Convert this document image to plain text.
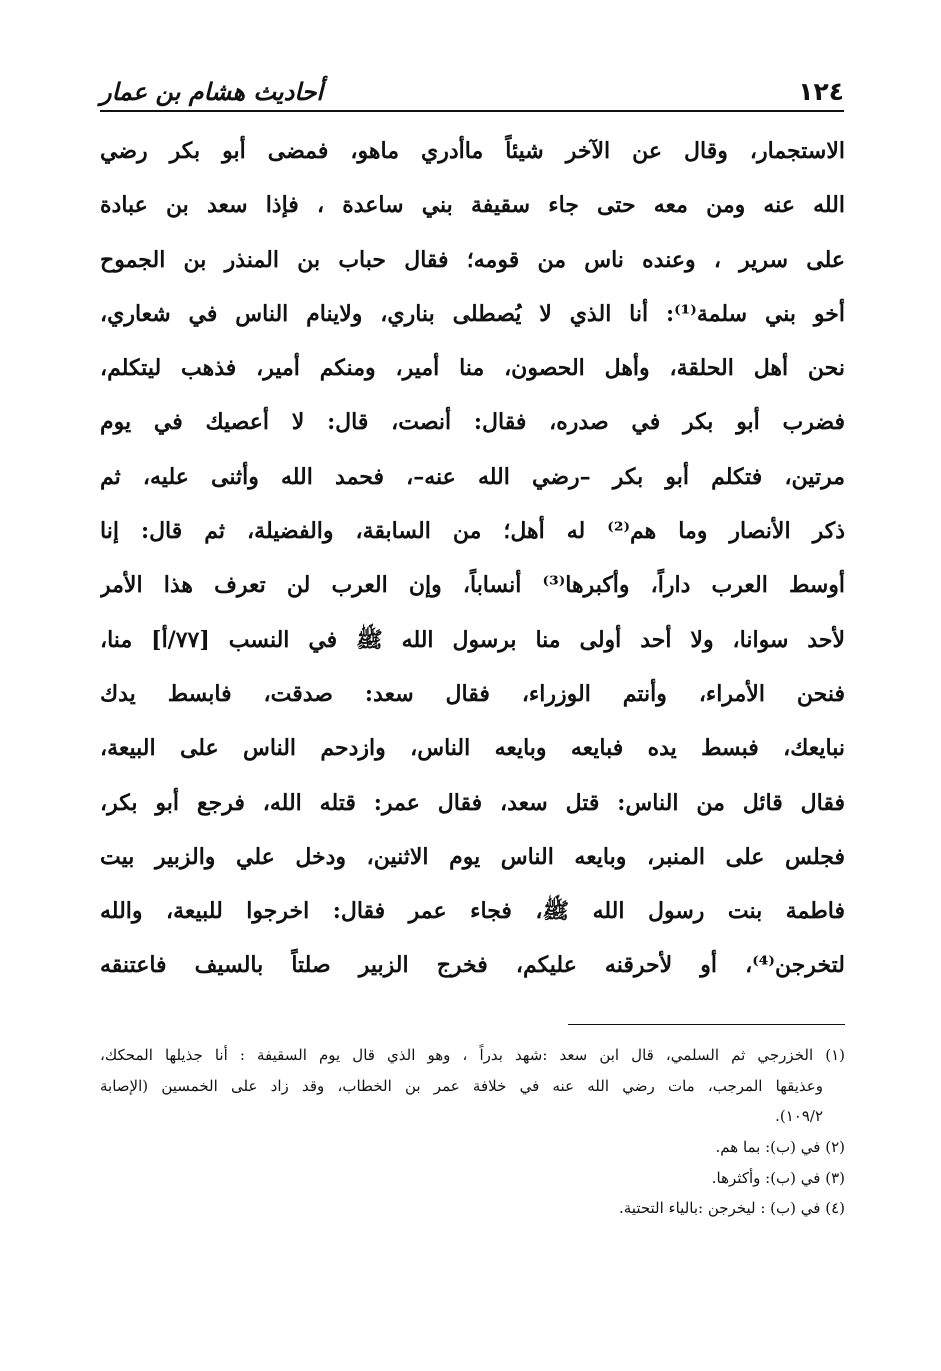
١٢٤
أحاديث هشام بن عمار
الاستجمار، وقال عن الآخر شيئاً ماأدري ماهو، فمضى أبو بكر رضي
الله عنه ومن معه حتى جاء سقيفة بني ساعدة ، فإذا سعد بن عبادة
على سرير ، وعنده ناس من قومه؛ فقال حباب بن المنذر بن الجموح
أخو بني سلمة⁽¹⁾: أنا الذي لا يُصطلى بناري، ولاينام الناس في شعاري،
نحن أهل الحلقة، وأهل الحصون، منا أمير، ومنكم أمير، فذهب ليتكلم،
فضرب أبو بكر في صدره، فقال: أنصت، قال: لا أعصيك في يوم
مرتين، فتكلم أبو بكر –رضي الله عنه–، فحمد الله وأثنى عليه، ثم
ذكر الأنصار وما هم⁽²⁾ له أهل؛ من السابقة، والفضيلة، ثم قال: إنا
أوسط العرب داراً، وأكبرها⁽³⁾ أنساباً، وإن العرب لن تعرف هذا الأمر
لأحد سوانا، ولا أحد أولى منا برسول الله ﷺ في النسب [٧٧/أ] منا،
فنحن الأمراء، وأنتم الوزراء، فقال سعد: صدقت، فابسط يدك
نبايعك، فبسط يده فبايعه وبايعه الناس، وازدحم الناس على البيعة،
فقال قائل من الناس: قتل سعد، فقال عمر: قتله الله، فرجع أبو بكر،
فجلس على المنبر، وبايعه الناس يوم الاثنين، ودخل علي والزبير بيت
فاطمة بنت رسول الله ﷺ، فجاء عمر فقال: اخرجوا للبيعة، والله
لتخرجن⁽⁴⁾، أو لأحرقنه عليكم، فخرج الزبير صلتاً بالسيف فاعتنقه
(١) الخزرجي ثم السلمي، قال ابن سعد :شهد بدراً ، وهو الذي قال يوم السقيفة : أنا جذيلها المحكك،
وعذيقها المرجب، مات رضي الله عنه في خلافة عمر بن الخطاب، وقد زاد على الخمسين (الإصابة
١٠٩/٢).
(٢) في (ب): بما هم.
(٣) في (ب): وأكثرها.
(٤) في (ب) : ليخرجن :بالياء التحتية.
